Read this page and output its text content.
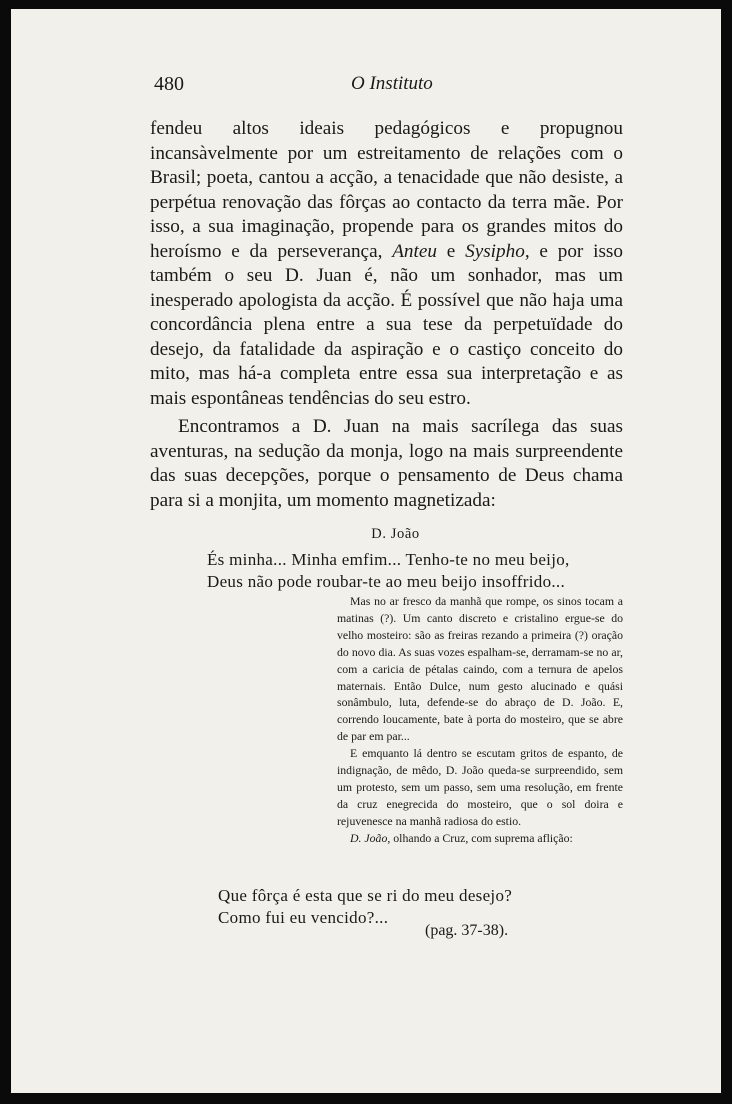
480	O Instituto

fendeu altos ideais pedagógicos e propugnou incansàvelmente por um estreitamento de relações com o Brasil; poeta, cantou a acção, a tenacidade que não desiste, a perpétua renovação das fôrças ao contacto da terra mãe. Por isso, a sua imaginação, propende para os grandes mitos do heroísmo e da perseverança, Anteu e Sysipho, e por isso também o seu D. Juan é, não um sonhador, mas um inesperado apologista da acção. É possível que não haja uma concordância plena entre a sua tese da perpetuïdade do desejo, da fatalidade da aspiração e o castiço conceito do mito, mas há-a completa entre essa sua interpretação e as mais espontâneas tendências do seu estro.

Encontramos a D. Juan na mais sacrílega das suas aventuras, na sedução da monja, logo na mais surpreendente das suas decepções, porque o pensamento de Deus chama para si a monjita, um momento magnetizada:

D. João
És minha... Minha emfim... Tenho-te no meu beijo,
Deus não pode roubar-te ao meu beijo insoffrido...

Mas no ar fresco da manhã que rompe, os sinos tocam a matinas (?). Um canto discreto e cristalino ergue-se do velho mosteiro: são as freiras rezando a primeira (?) oração do novo dia. As suas vozes espalham-se, derramam-se no ar, com a caricia de pétalas caindo, com a ternura de apelos maternais. Então Dulce, num gesto alucinado e quási sonâmbulo, luta, defende-se do abraço de D. João. E, correndo loucamente, bate à porta do mosteiro, que se abre de par em par...

E emquanto lá dentro se escutam gritos de espanto, de indignação, de mêdo, D. João queda-se surpreendido, sem um protesto, sem um passo, sem uma resolução, em frente da cruz enegrecida do mosteiro, que o sol doira e rejuvenesce na manhã radiosa do estio.

D. João, olhando a Cruz, com suprema aflição:

Que fôrça é esta que se ri do meu desejo?
Como fui eu vencido?...
(pag. 37-38).
